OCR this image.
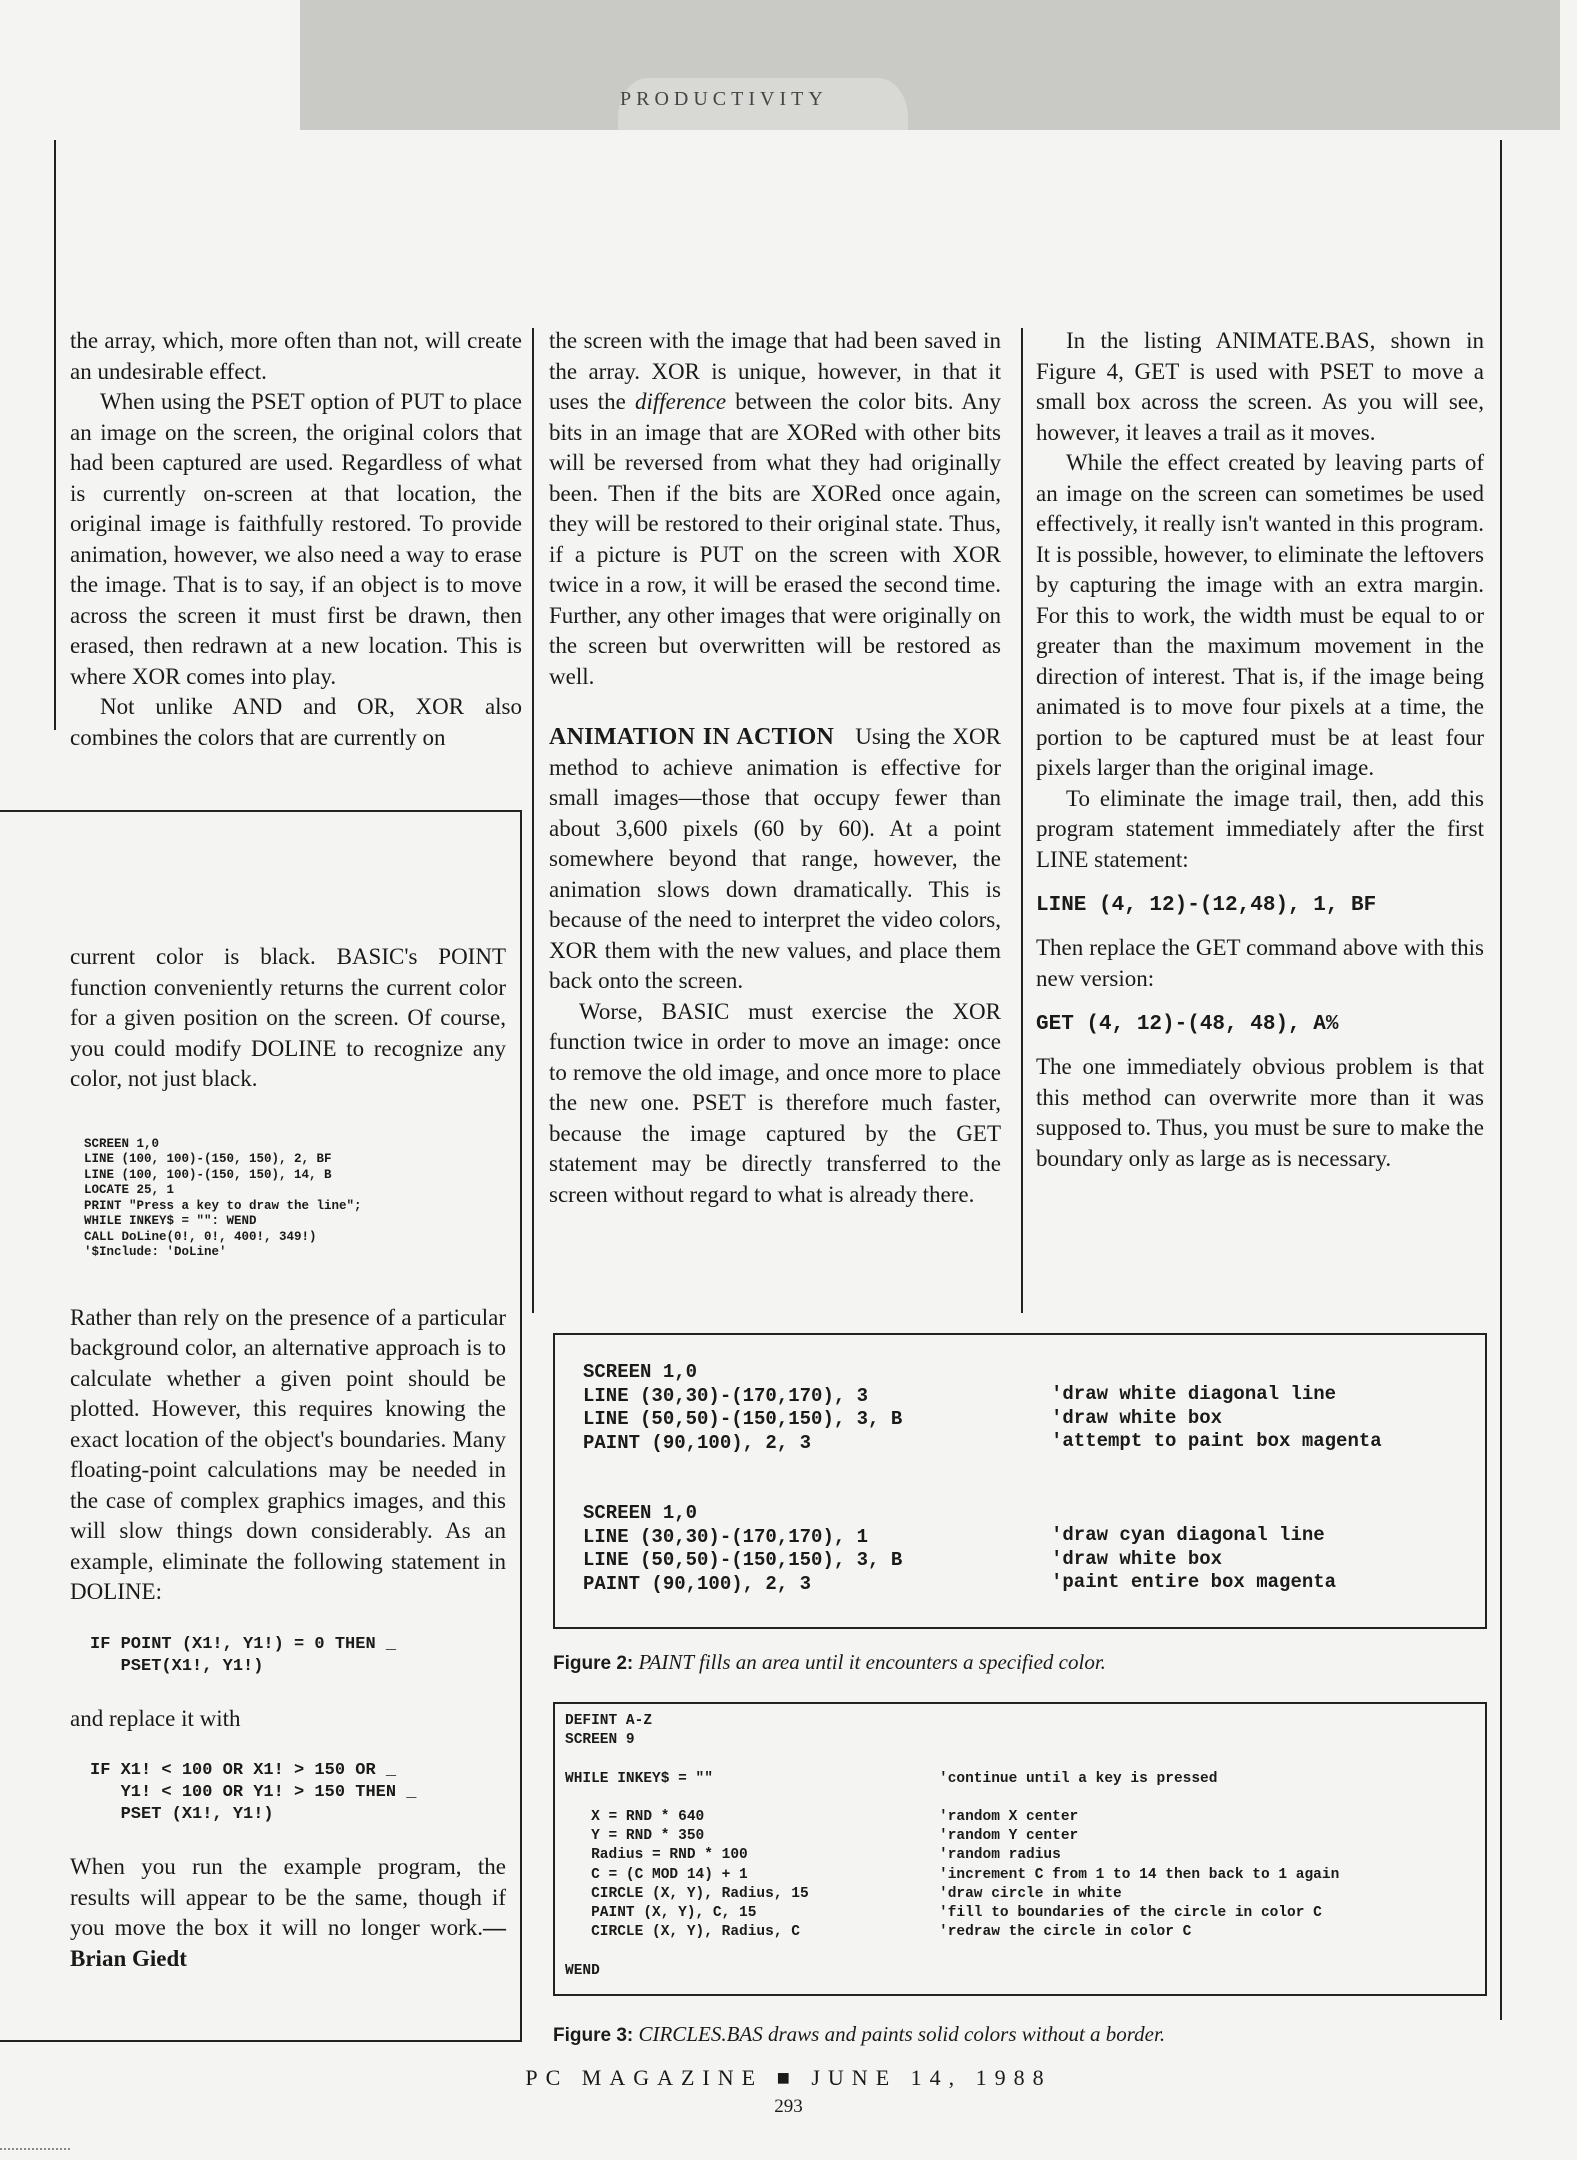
PRODUCTIVITY

the array, which, more often than not, will create an undesirable effect.

When using the PSET option of PUT to place an image on the screen, the original colors that had been captured are used. Regardless of what is currently on-screen at that location, the original image is faithfully restored. To provide animation, however, we also need a way to erase the image. That is to say, if an object is to move across the screen it must first be drawn, then erased, then redrawn at a new location. This is where XOR comes into play.

Not unlike AND and OR, XOR also combines the colors that are currently on

current color is black. BASIC's POINT function conveniently returns the current color for a given position on the screen. Of course, you could modify DOLINE to recognize any color, not just black.

SCREEN 1,0
LINE (100, 100)-(150, 150), 2, BF
LINE (100, 100)-(150, 150), 14, B
LOCATE 25, 1
PRINT "Press a key to draw the line";
WHILE INKEY$ = "": WEND
CALL DoLine(0!, 0!, 400!, 349!)
'$Include: 'DoLine'

Rather than rely on the presence of a particular background color, an alternative approach is to calculate whether a given point should be plotted. However, this requires knowing the exact location of the object's boundaries. Many floating-point calculations may be needed in the case of complex graphics images, and this will slow things down considerably. As an example, eliminate the following statement in DOLINE:

IF POINT (X1!, Y1!) = 0 THEN _
PSET(X1!, Y1!)

and replace it with

IF X1! < 100 OR X1! > 150 OR _
Y1! < 100 OR Y1! > 150 THEN _
PSET (X1!, Y1!)

When you run the example program, the results will appear to be the same, though if you move the box it will no longer work.—Brian Giedt

the screen with the image that had been saved in the array. XOR is unique, however, in that it uses the difference between the color bits. Any bits in an image that are XORed with other bits will be reversed from what they had originally been. Then if the bits are XORed once again, they will be restored to their original state. Thus, if a picture is PUT on the screen with XOR twice in a row, it will be erased the second time. Further, any other images that were originally on the screen but overwritten will be restored as well.

ANIMATION IN ACTION Using the XOR method to achieve animation is effective for small images—those that occupy fewer than about 3,600 pixels (60 by 60). At a point somewhere beyond that range, however, the animation slows down dramatically. This is because of the need to interpret the video colors, XOR them with the new values, and place them back onto the screen.

Worse, BASIC must exercise the XOR function twice in order to move an image: once to remove the old image, and once more to place the new one. PSET is therefore much faster, because the image captured by the GET statement may be directly transferred to the screen without regard to what is already there.

In the listing ANIMATE.BAS, shown in Figure 4, GET is used with PSET to move a small box across the screen. As you will see, however, it leaves a trail as it moves.

While the effect created by leaving parts of an image on the screen can sometimes be used effectively, it really isn't wanted in this program. It is possible, however, to eliminate the leftovers by capturing the image with an extra margin. For this to work, the width must be equal to or greater than the maximum movement in the direction of interest. That is, if the image being animated is to move four pixels at a time, the portion to be captured must be at least four pixels larger than the original image.

To eliminate the image trail, then, add this program statement immediately after the first LINE statement:

LINE (4, 12)-(12,48), 1, BF

Then replace the GET command above with this new version:

GET (4, 12)-(48, 48), A%

The one immediately obvious problem is that this method can overwrite more than it was supposed to. Thus, you must be sure to make the boundary only as large as is necessary.

SCREEN 1,0
LINE (30,30)-(170,170), 3
LINE (50,50)-(150,150), 3, B
PAINT (90,100), 2, 3

SCREEN 1,0
LINE (30,30)-(170,170), 1
LINE (50,50)-(150,150), 3, B
PAINT (90,100), 2, 3
'draw white diagonal line
'draw white box
'attempt to paint box magenta

'draw cyan diagonal line
'draw white box
'paint entire box magenta
Figure 2: PAINT fills an area until it encounters a specified color.
DEFINT A-Z
SCREEN 9

WHILE INKEY$ = ""

X = RND * 640
Y = RND * 350
Radius = RND * 100
C = (C MOD 14) + 1
CIRCLE (X, Y), Radius, 15
PAINT (X, Y), C, 15
CIRCLE (X, Y), Radius, C

WEND

'continue until a key is pressed

'random X center
'random Y center
'random radius
'increment C from 1 to 14 then back to 1 again
'draw circle in white
'fill to boundaries of the circle in color C
'redraw the circle in color C

Figure 3: CIRCLES.BAS draws and paints solid colors without a border.
PC MAGAZINE ■ JUNE 14, 1988
293
